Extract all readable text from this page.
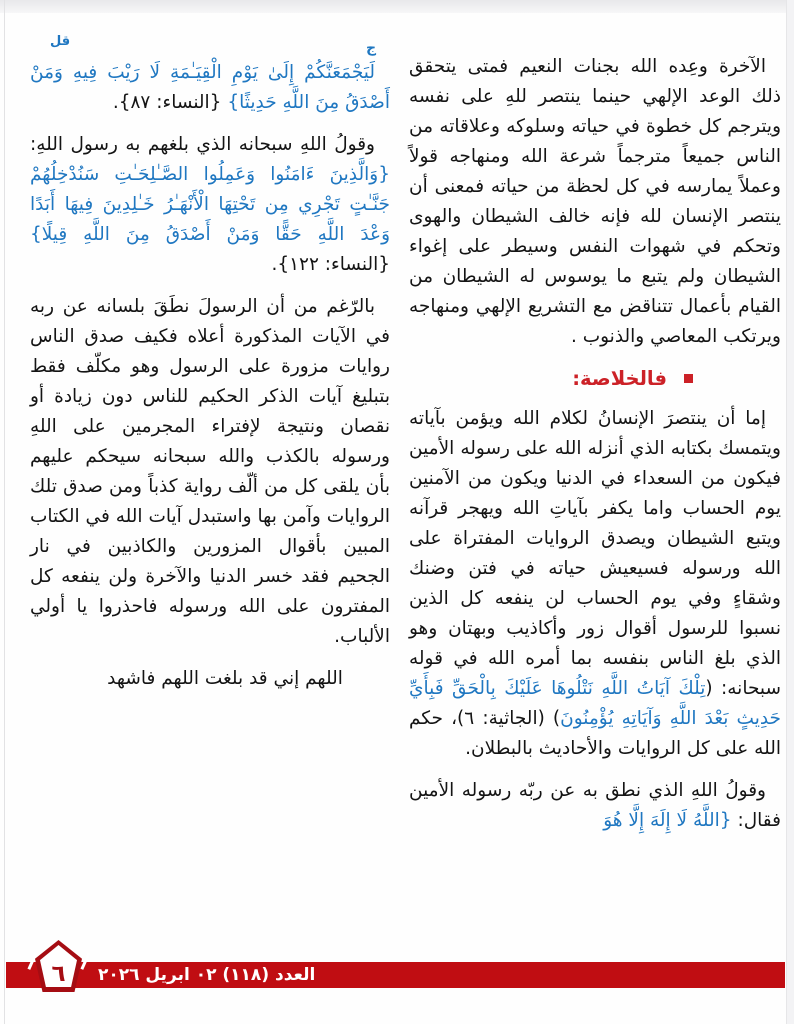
قل	ج

الآخرة وعِده الله بجنات النعيم فمتى يتحقق ذلك الوعد الإلهي حينما ينتصر للهِ على نفسه ويترجم كل خطوة في حياته وسلوكه وعلاقاته من الناس جميعاً مترجماً شرعة الله ومنهاجه قولاً وعملاً يمارسه في كل لحظة من حياته فمعنى أن ينتصر الإنسان لله فإنه خالف الشيطان والهوى وتحكم في شهوات النفس وسيطر على إغواء الشيطان ولم يتبع ما يوسوس له الشيطان من القيام بأعمال تتناقض مع التشريع الإلهي ومنهاجه ويرتكب المعاصي والذنوب .

فالخلاصة:

إما أن ينتصرَ الإنسانُ لكلام الله ويؤمن بآياته ويتمسك بكتابه الذي أنزله الله على رسوله الأمين فيكون من السعداء في الدنيا ويكون من الآمنين يوم الحساب واما يكفر بآياتِ الله ويهجر قرآنه ويتبع الشيطان ويصدق الروايات المفتراة على الله ورسوله فسيعيش حياته في فتن وضنك وشقاءٍ وفي يوم الحساب لن ينفعه كل الذين نسبوا للرسول أقوال زور وأكاذيب وبهتان وهو الذي بلغ الناس بنفسه بما أمره الله في قوله سبحانه: (تِلْكَ آيَاتُ اللَّهِ نَتْلُوهَا عَلَيْكَ بِالْحَقِّ فَبِأَيِّ حَدِيثٍ بَعْدَ اللَّهِ وَآيَاتِهِ يُؤْمِنُونَ) (الجاثية: ٦)، حكم الله على كل الروايات والأحاديث بالبطلان.

وقولُ اللهِ الذي نطق به عن ربّه رسوله الأمين فقال: {اللَّهُ لَا إِلَهَ إِلَّا هُوَ

لَيَجْمَعَنَّكُمْ إِلَىٰ يَوْمِ الْقِيَـٰمَةِ لَا رَيْبَ فِيهِ وَمَنْ أَصْدَقُ مِنَ اللَّهِ حَدِيثًا} {النساء: ٨٧}.

وقولُ اللهِ سبحانه الذي بلغهم به رسول اللهِ: {وَالَّذِينَ ءَامَنُوا وَعَمِلُوا الصَّـٰلِحَـٰتِ سَنُدْخِلُهُمْ جَنَّـٰتٍ تَجْرِي مِن تَحْتِهَا الْأَنْهَـٰرُ خَـٰلِدِينَ فِيهَا أَبَدًا وَعْدَ اللَّهِ حَقًّا وَمَنْ أَصْدَقُ مِنَ اللَّهِ قِيلًا} {النساء: ١٢٢}.

بالرّغم من أن الرسولَ نطَقَ بلسانه عن ربه في الآيات المذكورة أعلاه فكيف صدق الناس روايات مزورة على الرسول وهو مكلّف فقط بتبليغ آيات الذكر الحكيم للناس دون زيادة أو نقصان ونتيجة لإفتراء المجرمين على اللهِ ورسوله بالكذب والله سبحانه سيحكم عليهم بأن يلقى كل من ألّف رواية كذباً ومن صدق تلك الروايات وآمن بها واستبدل آيات الله في الكتاب المبين بأقوال المزورين والكاذبين في نار الجحيم فقد خسر الدنيا والآخرة ولن ينفعه كل المفترون على الله ورسوله فاحذروا يا أولي الألباب.

اللهم إني قد بلغت اللهم فاشهد

العدد (١١٨) ٠٢ ابريل ٢٠٢٦
٦
